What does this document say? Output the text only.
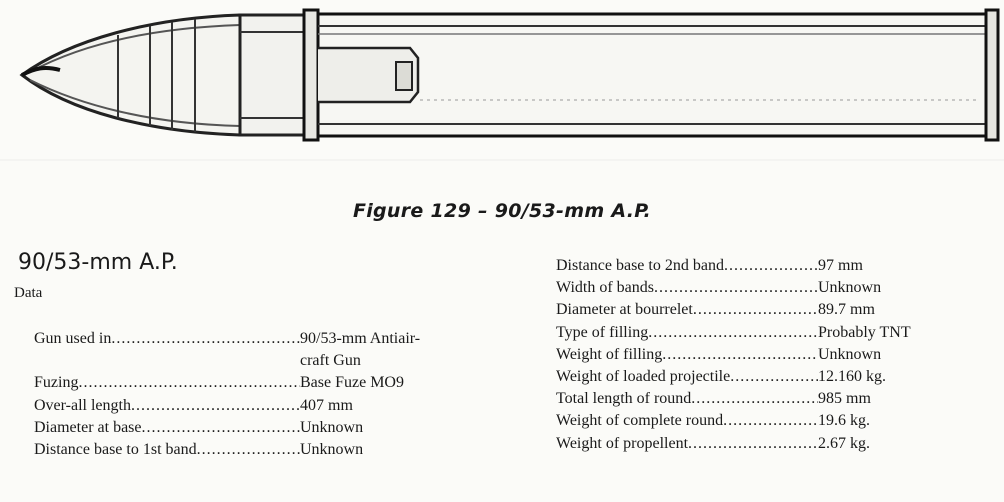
Figure 129 – 90/53-mm A.P.
90/53-mm A.P.
Data
Gun used in .....	90/53-mm Antiair-
craft Gun
Fuzing .....	Base Fuze MO9
Over-all length .....	407 mm
Diameter at base .....	Unknown
Distance base to 1st band .....	Unknown
Distance base to 2nd band .....	97 mm
Width of bands .....	Unknown
Diameter at bourrelet .....	89.7 mm
Type of filling .....	Probably TNT
Weight of filling .....	Unknown
Weight of loaded projectile .....	12.160 kg.
Total length of round .....	985 mm
Weight of complete round .....	19.6 kg.
Weight of propellent .....	2.67 kg.
